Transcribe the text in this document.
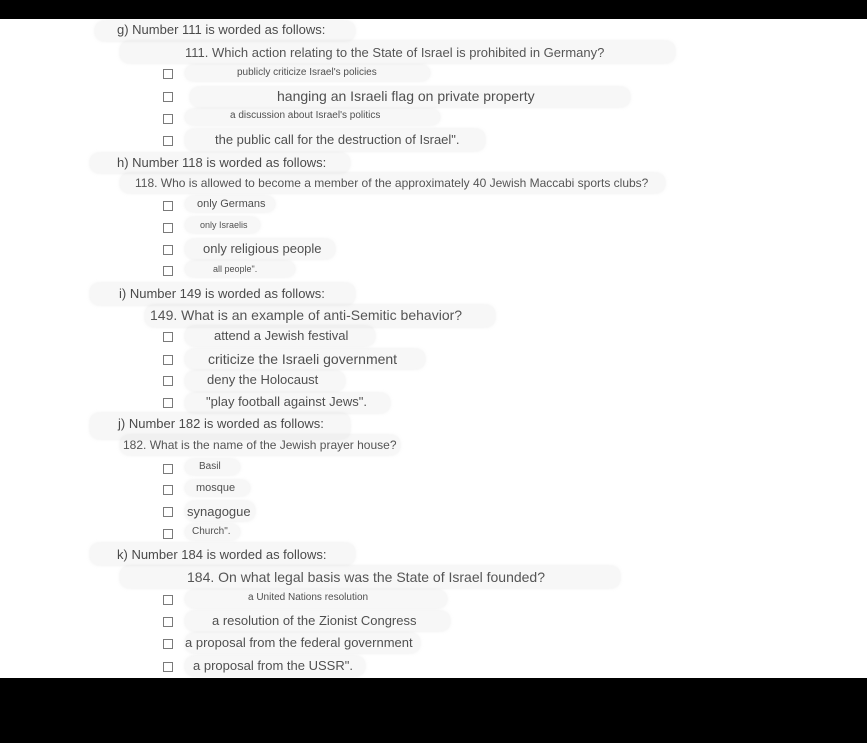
g) Number 111 is worded as follows:
111. Which action relating to the State of Israel is prohibited in Germany?
publicly criticize Israel's policies
hanging an Israeli flag on private property
a discussion about Israel's politics
the public call for the destruction of Israel".
h) Number 118 is worded as follows:
118. Who is allowed to become a member of the approximately 40 Jewish Maccabi sports clubs?
only Germans
only Israelis
only religious people
all people".
i) Number 149 is worded as follows:
149. What is an example of anti-Semitic behavior?
attend a Jewish festival
criticize the Israeli government
deny the Holocaust
"play football against Jews".
j) Number 182 is worded as follows:
182. What is the name of the Jewish prayer house?
Basil
mosque
synagogue
Church".
k) Number 184 is worded as follows:
184. On what legal basis was the State of Israel founded?
a United Nations resolution
a resolution of the Zionist Congress
a proposal from the federal government
a proposal from the USSR".
